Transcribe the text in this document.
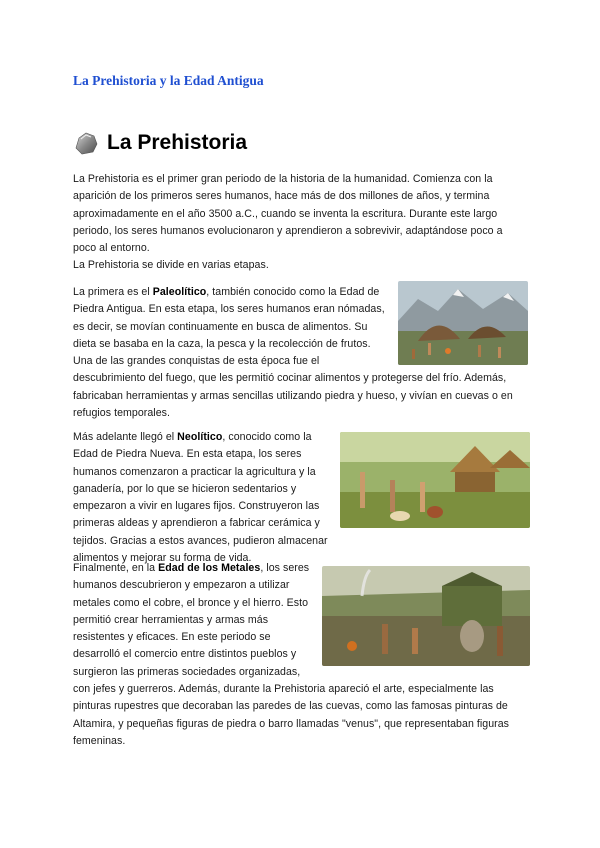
La Prehistoria y la Edad Antigua
La Prehistoria

La Prehistoria es el primer gran periodo de la historia de la humanidad. Comienza con la aparición de los primeros seres humanos, hace más de dos millones de años, y termina aproximadamente en el año 3500 a.C., cuando se inventa la escritura. Durante este largo periodo, los seres humanos evolucionaron y aprendieron a sobrevivir, adaptándose poco a poco al entorno.

La Prehistoria se divide en varias etapas.

La primera es el Paleolítico, también conocido como la Edad de Piedra Antigua. En esta etapa, los seres humanos eran nómadas, es decir, se movían continuamente en busca de alimentos. Su dieta se basaba en la caza, la pesca y la recolección de frutos. Una de las grandes conquistas de esta época fue el descubrimiento del fuego, que les permitió cocinar alimentos y protegerse del frío. Además, fabricaban herramientas y armas sencillas utilizando piedra y hueso, y vivían en cuevas o en refugios temporales.

Más adelante llegó el Neolítico, conocido como la Edad de Piedra Nueva. En esta etapa, los seres humanos comenzaron a practicar la agricultura y la ganadería, por lo que se hicieron sedentarios y empezaron a vivir en lugares fijos. Construyeron las primeras aldeas y aprendieron a fabricar cerámica y tejidos. Gracias a estos avances, pudieron almacenar alimentos y mejorar su forma de vida.

Finalmente, en la Edad de los Metales, los seres humanos descubrieron y empezaron a utilizar metales como el cobre, el bronce y el hierro. Esto permitió crear herramientas y armas más resistentes y eficaces. En este periodo se desarrolló el comercio entre distintos pueblos y surgieron las primeras sociedades organizadas, con jefes y guerreros. Además, durante la Prehistoria apareció el arte, especialmente las pinturas rupestres que decoraban las paredes de las cuevas, como las famosas pinturas de Altamira, y pequeñas figuras de piedra o barro llamadas "venus", que representaban figuras femeninas.
